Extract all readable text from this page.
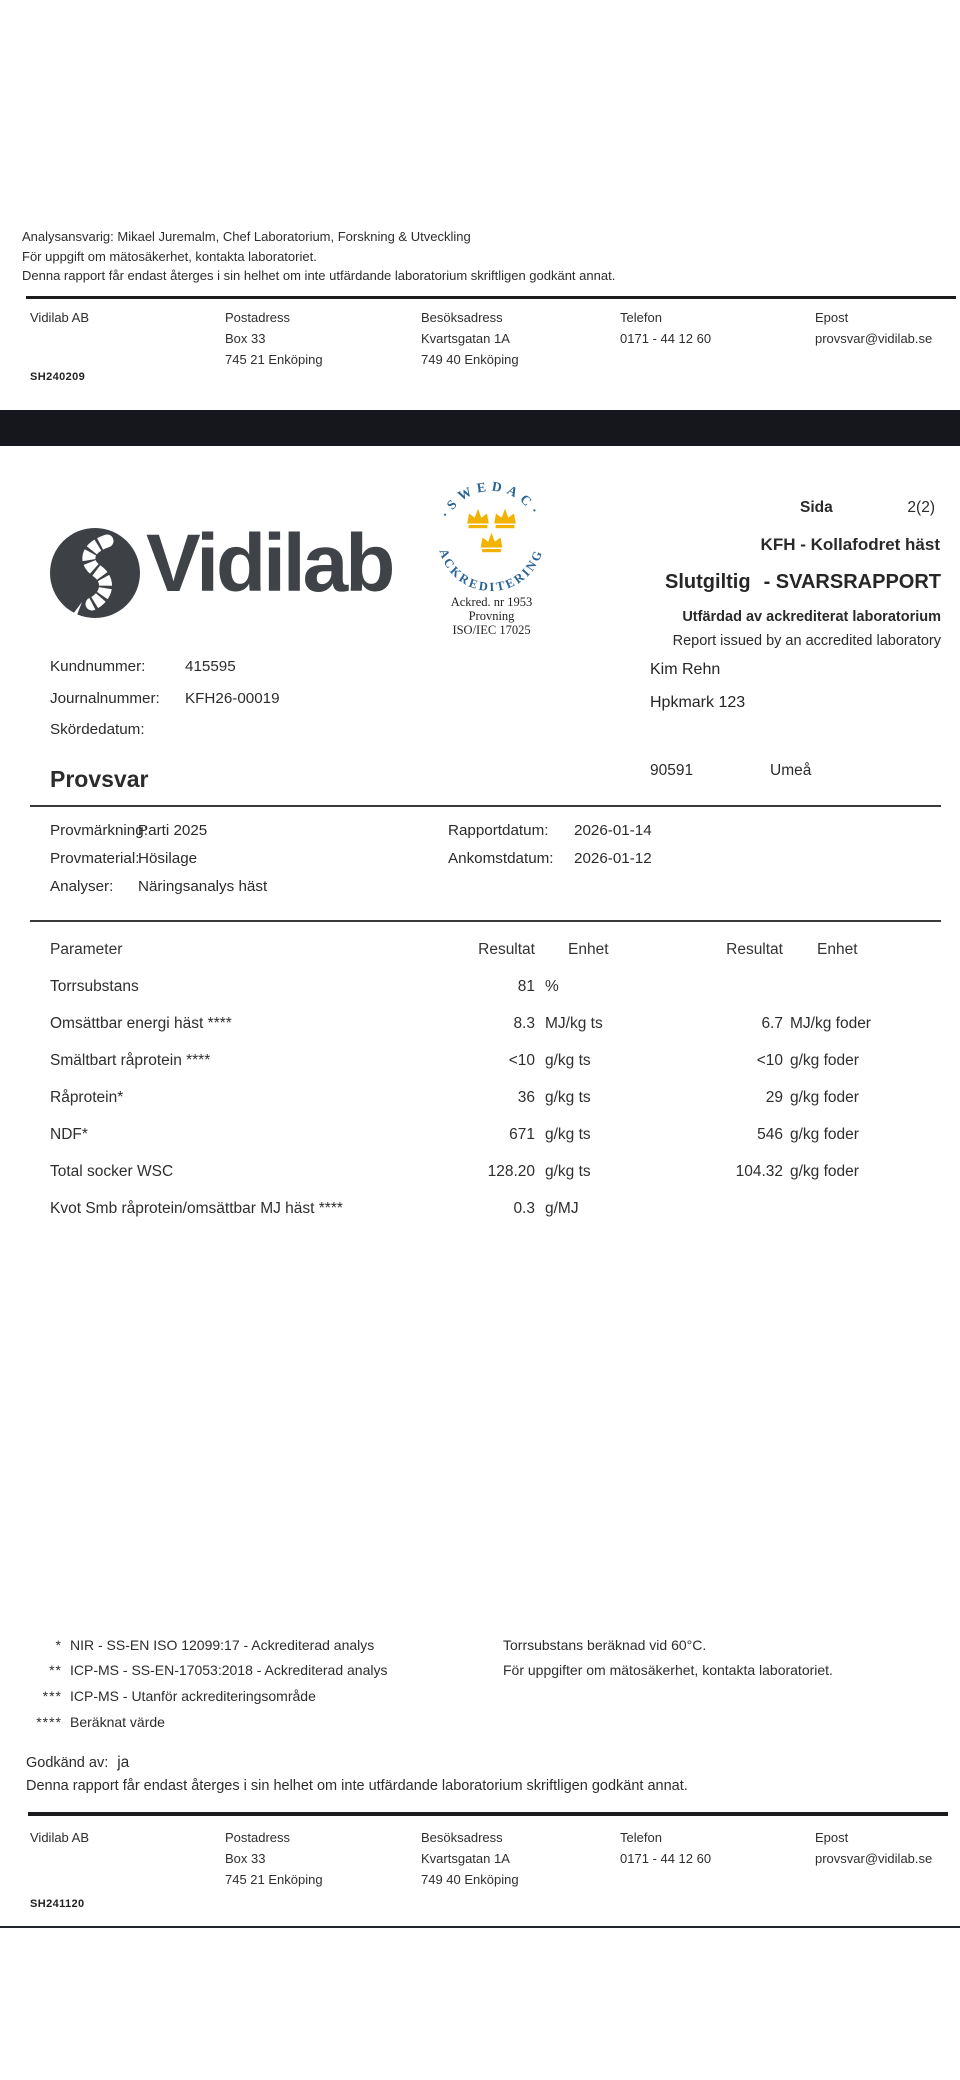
Analysansvarig: Mikael Juremalm, Chef Laboratorium, Forskning & Utveckling
För uppgift om mätosäkerhet, kontakta laboratoriet.
Denna rapport får endast återges i sin helhet om inte utfärdande laboratorium skriftligen godkänt annat.
Vidilab AB	Postadress
Box 33
745 21 Enköping
Besöksadress
Kvartsgatan 1A
749 40 Enköping
Telefon
0171 - 44 12 60
Epost
provsvar@vidilab.se
SH240209
Vidilab
·SWEDAC·
ACKREDITERING
Ackred. nr 1953
Provning
ISO/IEC 17025
Sida	2(2)
KFH - Kollafodret häst
Slutgiltig - SVARSRAPPORT
Utfärdad av ackrediterat laboratorium
Report issued by an accredited laboratory
Kim Rehn
Hpkmark 123
90591	Umeå
Kundnummer:	415595
Journalnummer: KFH26-00019
Skördedatum:
Provsvar
Provmärkning:
Parti 2025	Rapportdatum: 2026-01-14
Provmaterial:
Hösilage	Ankomstdatum: 2026-01-12
Analyser: Näringsanalys häst
Parameter	Resultat	Enhet	Resultat	Enhet
Torrsubstans	81 %
Omsättbar energi häst ****	8.3 MJ/kg ts	6.7 MJ/kg foder
Smältbart råprotein ****	<10 g/kg ts	<10 g/kg foder
Råprotein*	36 g/kg ts	29 g/kg foder
NDF*	671 g/kg ts	546 g/kg foder
Total socker WSC	128.20 g/kg ts	104.32 g/kg foder
Kvot Smb råprotein/omsättbar MJ häst ****	0.3 g/MJ
* NIR - SS-EN ISO 12099:17 - Ackrediterad analys
** ICP-MS - SS-EN-17053:2018 - Ackrediterad analys
*** ICP-MS - Utanför ackrediteringsområde
**** Beräknat värde
Torrsubstans beräknad vid 60°C.
För uppgifter om mätosäkerhet, kontakta laboratoriet.
Godkänd av: ja
Denna rapport får endast återges i sin helhet om inte utfärdande laboratorium skriftligen godkänt annat.
Vidilab AB	Postadress
Box 33
745 21 Enköping
Besöksadress
Kvartsgatan 1A
749 40 Enköping
Telefon
0171 - 44 12 60
Epost
provsvar@vidilab.se
SH241120
